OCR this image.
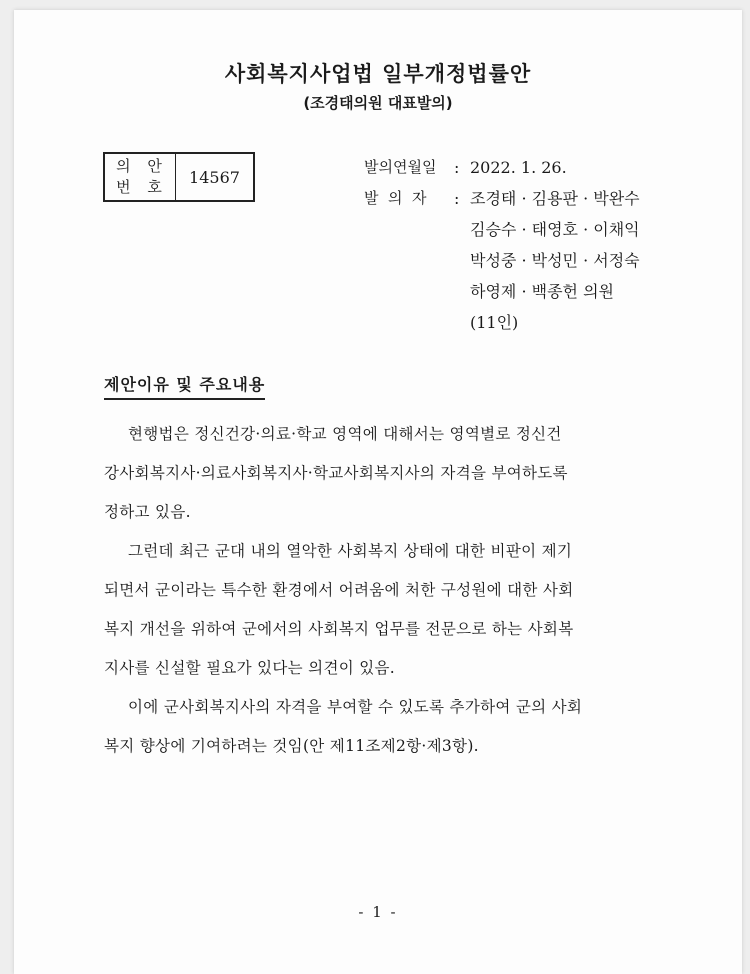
사회복지사업법 일부개정법률안
(조경태의원 대표발의)
의 안
번 호
14567
발의연월일	: 2022. 1. 26.
발  의  자	: 조경태 · 김용판 · 박완수
김승수 · 태영호 · 이채익
박성중 · 박성민 · 서정숙
하영제 · 백종헌 의원
(11인)
제안이유 및 주요내용
현행법은 정신건강·의료·학교 영역에 대해서는 영역별로 정신건
강사회복지사·의료사회복지사·학교사회복지사의 자격을 부여하도록
정하고 있음.
그런데 최근 군대 내의 열악한 사회복지 상태에 대한 비판이 제기
되면서 군이라는 특수한 환경에서 어려움에 처한 구성원에 대한 사회
복지 개선을 위하여 군에서의 사회복지 업무를 전문으로 하는 사회복
지사를 신설할 필요가 있다는 의견이 있음.
이에 군사회복지사의 자격을 부여할 수 있도록 추가하여 군의 사회
복지 향상에 기여하려는 것임(안 제11조제2항·제3항).
- 1 -
